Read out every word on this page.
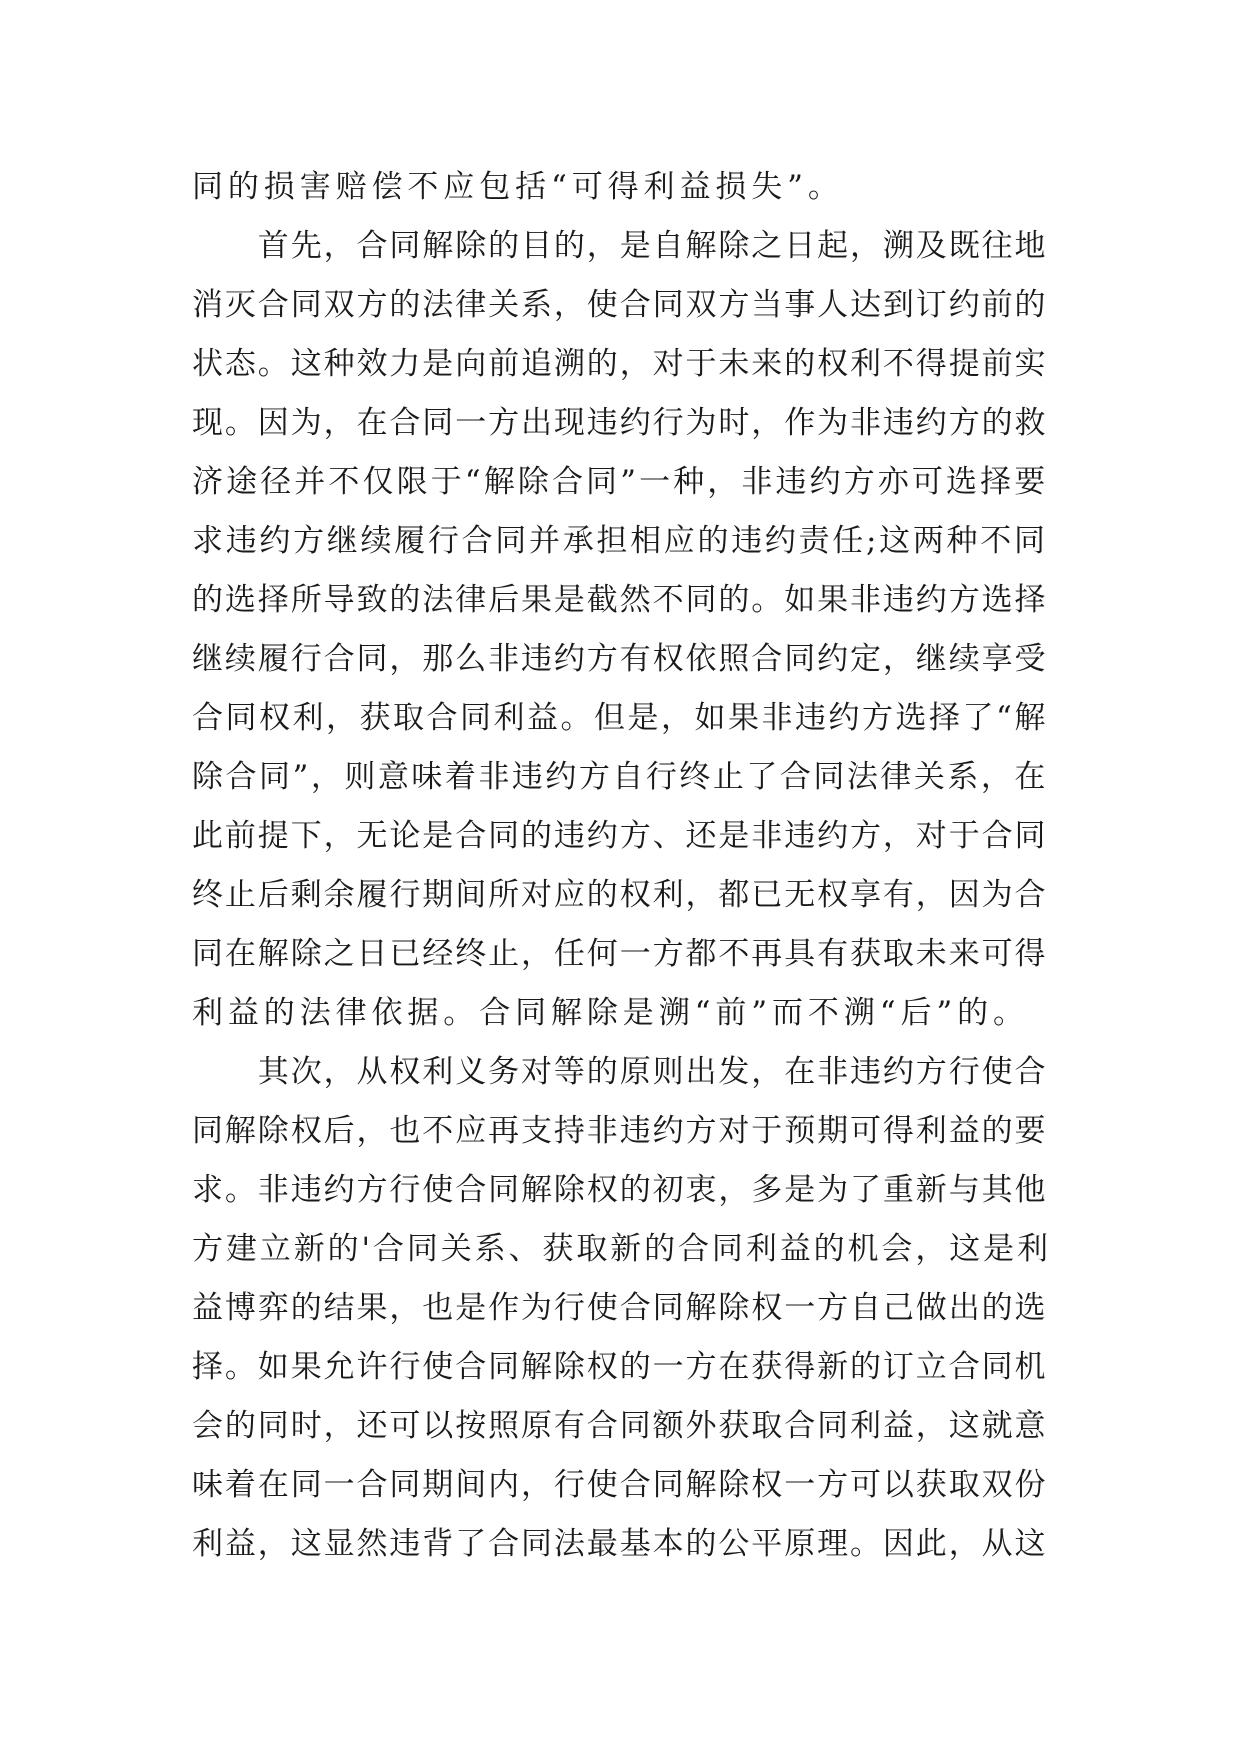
同的损害赔偿不应包括“可得利益损失”。
　　首先，合同解除的目的，是自解除之日起，溯及既往地
消灭合同双方的法律关系，使合同双方当事人达到订约前的
状态。这种效力是向前追溯的，对于未来的权利不得提前实
现。因为，在合同一方出现违约行为时，作为非违约方的救
济途径并不仅限于“解除合同”一种，非违约方亦可选择要
求违约方继续履行合同并承担相应的违约责任;这两种不同
的选择所导致的法律后果是截然不同的。如果非违约方选择
继续履行合同，那么非违约方有权依照合同约定，继续享受
合同权利，获取合同利益。但是，如果非违约方选择了“解
除合同”，则意味着非违约方自行终止了合同法律关系，在
此前提下，无论是合同的违约方、还是非违约方，对于合同
终止后剩余履行期间所对应的权利，都已无权享有，因为合
同在解除之日已经终止，任何一方都不再具有获取未来可得
利益的法律依据。合同解除是溯“前”而不溯“后”的。
　　其次，从权利义务对等的原则出发，在非违约方行使合
同解除权后，也不应再支持非违约方对于预期可得利益的要
求。非违约方行使合同解除权的初衷，多是为了重新与其他
方建立新的'合同关系、获取新的合同利益的机会，这是利
益博弈的结果，也是作为行使合同解除权一方自己做出的选
择。如果允许行使合同解除权的一方在获得新的订立合同机
会的同时，还可以按照原有合同额外获取合同利益，这就意
味着在同一合同期间内，行使合同解除权一方可以获取双份
利益，这显然违背了合同法最基本的公平原理。因此，从这
